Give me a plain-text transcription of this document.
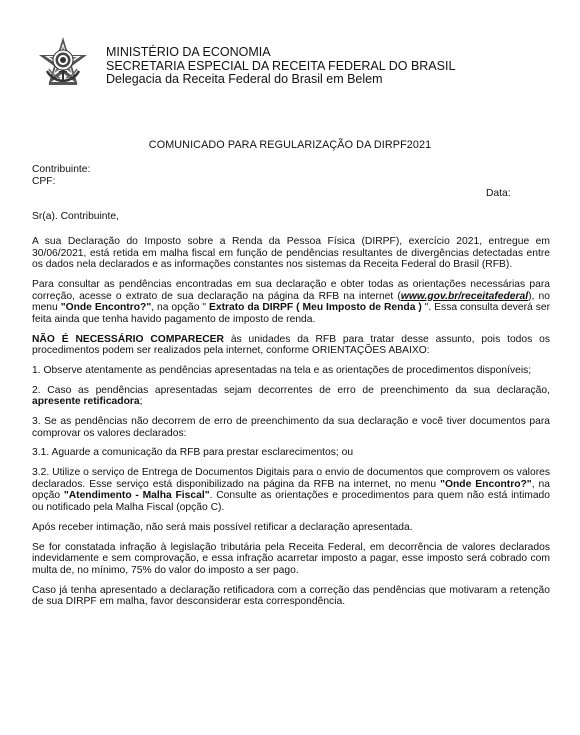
MINISTÉRIO DA ECONOMIA
SECRETARIA ESPECIAL DA RECEITA FEDERAL DO BRASIL
Delegacia da Receita Federal do Brasil em Belem
COMUNICADO PARA REGULARIZAÇÃO DA DIRPF2021
Contribuinte:
CPF:
Data:
Sr(a). Contribuinte,

A sua Declaração do Imposto sobre a Renda da Pessoa Física (DIRPF), exercício 2021, entregue em 30/06/2021, está retida em malha fiscal em função de pendências resultantes de divergências detectadas entre os dados nela declarados e as informações constantes nos sistemas da Receita Federal do Brasil (RFB).

Para consultar as pendências encontradas em sua declaração e obter todas as orientações necessárias para correção, acesse o extrato de sua declaração na página da RFB na internet (www.gov.br/receitafederal), no menu "Onde Encontro?", na opção " Extrato da DIRPF ( Meu Imposto de Renda ) ". Essa consulta deverá ser feita ainda que tenha havido pagamento de imposto de renda.

NÃO É NECESSÁRIO COMPARECER às unidades da RFB para tratar desse assunto, pois todos os procedimentos podem ser realizados pela internet, conforme ORIENTAÇÕES ABAIXO:

1. Observe atentamente as pendências apresentadas na tela e as orientações de procedimentos disponíveis;

2. Caso as pendências apresentadas sejam decorrentes de erro de preenchimento da sua declaração, apresente retificadora;

3. Se as pendências não decorrem de erro de preenchimento da sua declaração e você tiver documentos para comprovar os valores declarados:

3.1. Aguarde a comunicação da RFB para prestar esclarecimentos; ou

3.2. Utilize o serviço de Entrega de Documentos Digitais para o envio de documentos que comprovem os valores declarados. Esse serviço está disponibilizado na página da RFB na internet, no menu "Onde Encontro?", na opção "Atendimento - Malha Fiscal". Consulte as orientações e procedimentos para quem não está intimado ou notificado pela Malha Fiscal (opção C).

Após receber intimação, não será mais possível retificar a declaração apresentada.

Se for constatada infração à legislação tributária pela Receita Federal, em decorrência de valores declarados indevidamente e sem comprovação, e essa infração acarretar imposto a pagar, esse imposto será cobrado com multa de, no mínimo, 75% do valor do imposto a ser pago.

Caso já tenha apresentado a declaração retificadora com a correção das pendências que motivaram a retenção de sua DIRPF em malha, favor desconsiderar esta correspondência.
